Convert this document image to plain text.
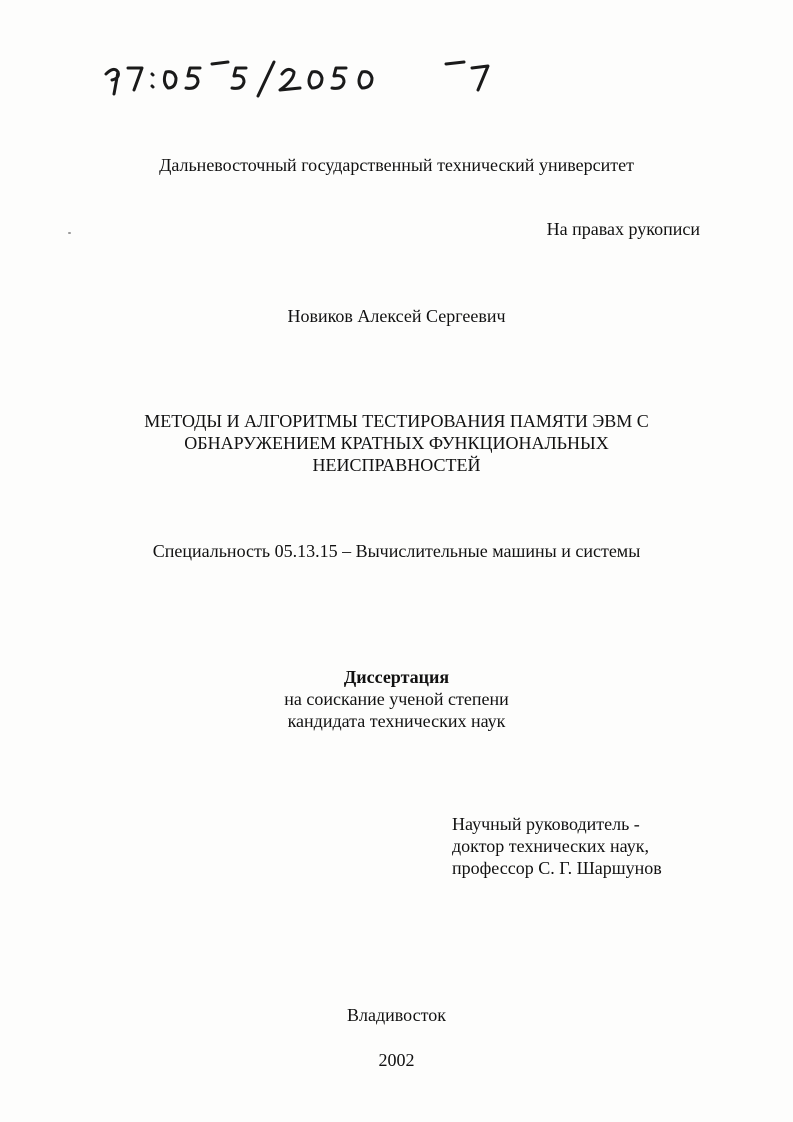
Дальневосточный государственный технический университет
На правах рукописи
Новиков Алексей Сергеевич
МЕТОДЫ И АЛГОРИТМЫ ТЕСТИРОВАНИЯ ПАМЯТИ ЭВМ С
ОБНАРУЖЕНИЕМ КРАТНЫХ ФУНКЦИОНАЛЬНЫХ
НЕИСПРАВНОСТЕЙ
Специальность 05.13.15 – Вычислительные машины и системы
Диссертация
на соискание ученой степени
кандидата технических наук
Научный руководитель -
доктор технических наук,
профессор С. Г. Шаршунов
Владивосток
2002
